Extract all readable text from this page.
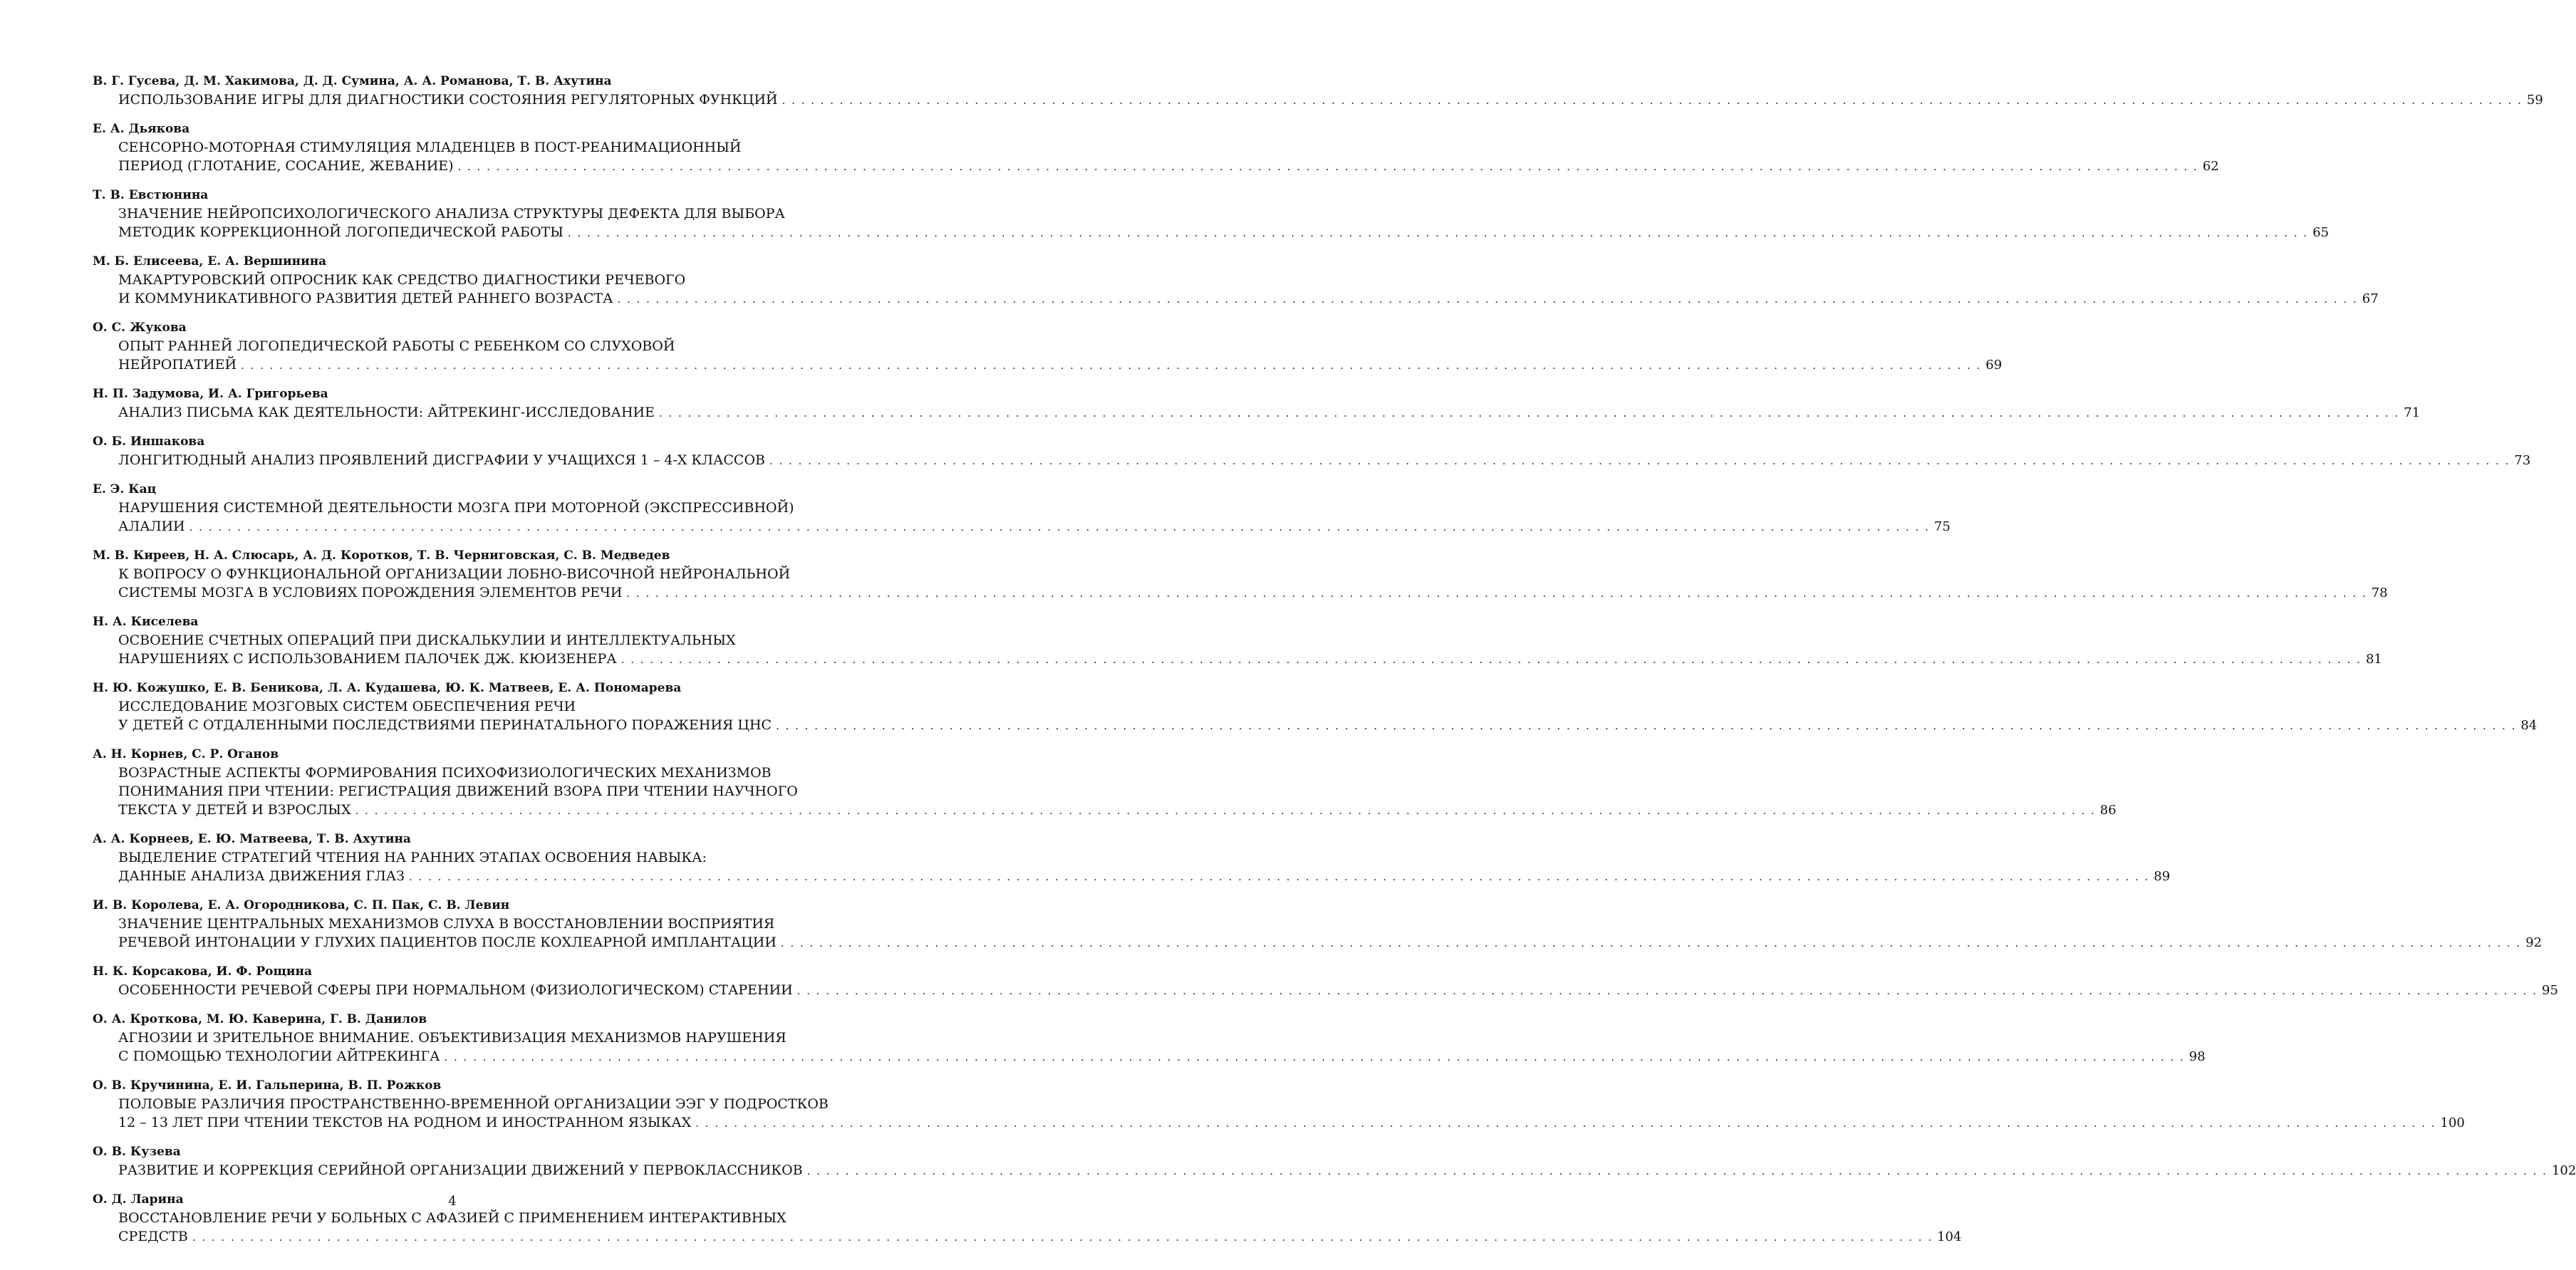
В. Г. Гусева, Д. М. Хакимова, Д. Д. Сумина, А. А. Романова, Т. В. Ахутина
ИСПОЛЬЗОВАНИЕ ИГРЫ ДЛЯ ДИАГНОСТИКИ СОСТОЯНИЯ РЕГУЛЯТОРНЫХ ФУНКЦИЙ . . .	59
Е. А. Дьякова
СЕНСОРНО-МОТОРНАЯ СТИМУЛЯЦИЯ МЛАДЕНЦЕВ В ПОСТ-РЕАНИМАЦИОННЫЙ
ПЕРИОД (ГЛОТАНИЕ, СОСАНИЕ, ЖЕВАНИЕ) . . .	62
Т. В. Евстюнина
ЗНАЧЕНИЕ НЕЙРОПСИХОЛОГИЧЕСКОГО АНАЛИЗА СТРУКТУРЫ ДЕФЕКТА ДЛЯ ВЫБОРА
МЕТОДИК КОРРЕКЦИОННОЙ ЛОГОПЕДИЧЕСКОЙ РАБОТЫ . . .	65
М. Б. Елисеева, Е. А. Вершинина
МАКАРТУРОВСКИЙ ОПРОСНИК КАК СРЕДСТВО ДИАГНОСТИКИ РЕЧЕВОГО
И КОММУНИКАТИВНОГО РАЗВИТИЯ ДЕТЕЙ РАННЕГО ВОЗРАСТА . . .	67
О. С. Жукова
ОПЫТ РАННЕЙ ЛОГОПЕДИЧЕСКОЙ РАБОТЫ С РЕБЕНКОМ СО СЛУХОВОЙ
НЕЙРОПАТИЕЙ . . .	69
Н. П. Задумова, И. А. Григорьева
АНАЛИЗ ПИСЬМА КАК ДЕЯТЕЛЬНОСТИ: АЙТРЕКИНГ-ИССЛЕДОВАНИЕ . . .	71
О. Б. Иншакова
ЛОНГИТЮДНЫЙ АНАЛИЗ ПРОЯВЛЕНИЙ ДИСГРАФИИ У УЧАЩИХСЯ 1 – 4-Х КЛАССОВ . . .	73
Е. Э. Кац
НАРУШЕНИЯ СИСТЕМНОЙ ДЕЯТЕЛЬНОСТИ МОЗГА ПРИ МОТОРНОЙ (ЭКСПРЕССИВНОЙ)
АЛАЛИИ . . .	75
М. В. Киреев, Н. А. Слюсарь, А. Д. Коротков, Т. В. Черниговская, С. В. Медведев
К ВОПРОСУ О ФУНКЦИОНАЛЬНОЙ ОРГАНИЗАЦИИ ЛОБНО-ВИСОЧНОЙ НЕЙРОНАЛЬНОЙ
СИСТЕМЫ МОЗГА В УСЛОВИЯХ ПОРОЖДЕНИЯ ЭЛЕМЕНТОВ РЕЧИ . . .	78
Н. А. Киселева
ОСВОЕНИЕ СЧЕТНЫХ ОПЕРАЦИЙ ПРИ ДИСКАЛЬКУЛИИ И ИНТЕЛЛЕКТУАЛЬНЫХ
НАРУШЕНИЯХ С ИСПОЛЬЗОВАНИЕМ ПАЛОЧЕК ДЖ. КЮИЗЕНЕРА . . .	81
Н. Ю. Кожушко, Е. В. Беникова, Л. А. Кудашева, Ю. К. Матвеев, Е. А. Пономарева
ИССЛЕДОВАНИЕ МОЗГОВЫХ СИСТЕМ ОБЕСПЕЧЕНИЯ РЕЧИ
У ДЕТЕЙ С ОТДАЛЕННЫМИ ПОСЛЕДСТВИЯМИ ПЕРИНАТАЛЬНОГО ПОРАЖЕНИЯ ЦНС . . .	84
А. Н. Корнев, С. Р. Оганов
ВОЗРАСТНЫЕ АСПЕКТЫ ФОРМИРОВАНИЯ ПСИХОФИЗИОЛОГИЧЕСКИХ МЕХАНИЗМОВ
ПОНИМАНИЯ ПРИ ЧТЕНИИ: РЕГИСТРАЦИЯ ДВИЖЕНИЙ ВЗОРА ПРИ ЧТЕНИИ НАУЧНОГО
ТЕКСТА У ДЕТЕЙ И ВЗРОСЛЫХ . . .	86
А. А. Корнеев, Е. Ю. Матвеева, Т. В. Ахутина
ВЫДЕЛЕНИЕ СТРАТЕГИЙ ЧТЕНИЯ НА РАННИХ ЭТАПАХ ОСВОЕНИЯ НАВЫКА:
ДАННЫЕ АНАЛИЗА ДВИЖЕНИЯ ГЛАЗ . . .	89
И. В. Королева, Е. А. Огородникова, С. П. Пак, С. В. Левин
ЗНАЧЕНИЕ ЦЕНТРАЛЬНЫХ МЕХАНИЗМОВ СЛУХА В ВОССТАНОВЛЕНИИ ВОСПРИЯТИЯ
РЕЧЕВОЙ ИНТОНАЦИИ У ГЛУХИХ ПАЦИЕНТОВ ПОСЛЕ КОХЛЕАРНОЙ ИМПЛАНТАЦИИ . . .	92
Н. К. Корсакова, И. Ф. Рощина
ОСОБЕННОСТИ РЕЧЕВОЙ СФЕРЫ ПРИ НОРМАЛЬНОМ (ФИЗИОЛОГИЧЕСКОМ) СТАРЕНИИ . . .	95
О. А. Кроткова, М. Ю. Каверина, Г. В. Данилов
АГНОЗИИ И ЗРИТЕЛЬНОЕ ВНИМАНИЕ. ОБЪЕКТИВИЗАЦИЯ МЕХАНИЗМОВ НАРУШЕНИЯ
С ПОМОЩЬЮ ТЕХНОЛОГИИ АЙТРЕКИНГА . . .	98
О. В. Кручинина, Е. И. Гальперина, В. П. Рожков
ПОЛОВЫЕ РАЗЛИЧИЯ ПРОСТРАНСТВЕННО-ВРЕМЕННОЙ ОРГАНИЗАЦИИ ЭЭГ У ПОДРОСТКОВ
12 – 13 ЛЕТ ПРИ ЧТЕНИИ ТЕКСТОВ НА РОДНОМ И ИНОСТРАННОМ ЯЗЫКАХ . . .	100
О. В. Кузева
РАЗВИТИЕ И КОРРЕКЦИЯ СЕРИЙНОЙ ОРГАНИЗАЦИИ ДВИЖЕНИЙ У ПЕРВОКЛАССНИКОВ . . .	102
О. Д. Ларина
ВОССТАНОВЛЕНИЕ РЕЧИ У БОЛЬНЫХ С АФАЗИЕЙ С ПРИМЕНЕНИЕМ ИНТЕРАКТИВНЫХ
СРЕДСТВ . . .	104
4
